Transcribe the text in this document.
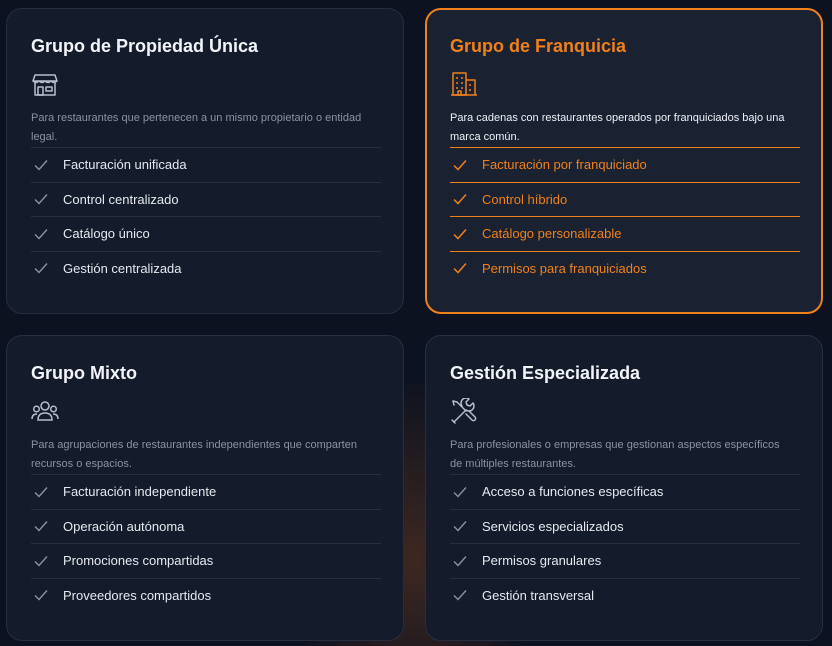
Grupo de Propiedad Única

Para restaurantes que pertenecen a un mismo propietario o entidad legal.

Facturación unificada
Control centralizado
Catálogo único
Gestión centralizada
Grupo de Franquicia

Para cadenas con restaurantes operados por franquiciados bajo una marca común.

Facturación por franquiciado
Control híbrido
Catálogo personalizable
Permisos para franquiciados
Grupo Mixto

Para agrupaciones de restaurantes independientes que comparten recursos o espacios.

Facturación independiente
Operación autónoma
Promociones compartidas
Proveedores compartidos
Gestión Especializada

Para profesionales o empresas que gestionan aspectos específicos de múltiples restaurantes.

Acceso a funciones específicas
Servicios especializados
Permisos granulares
Gestión transversal
